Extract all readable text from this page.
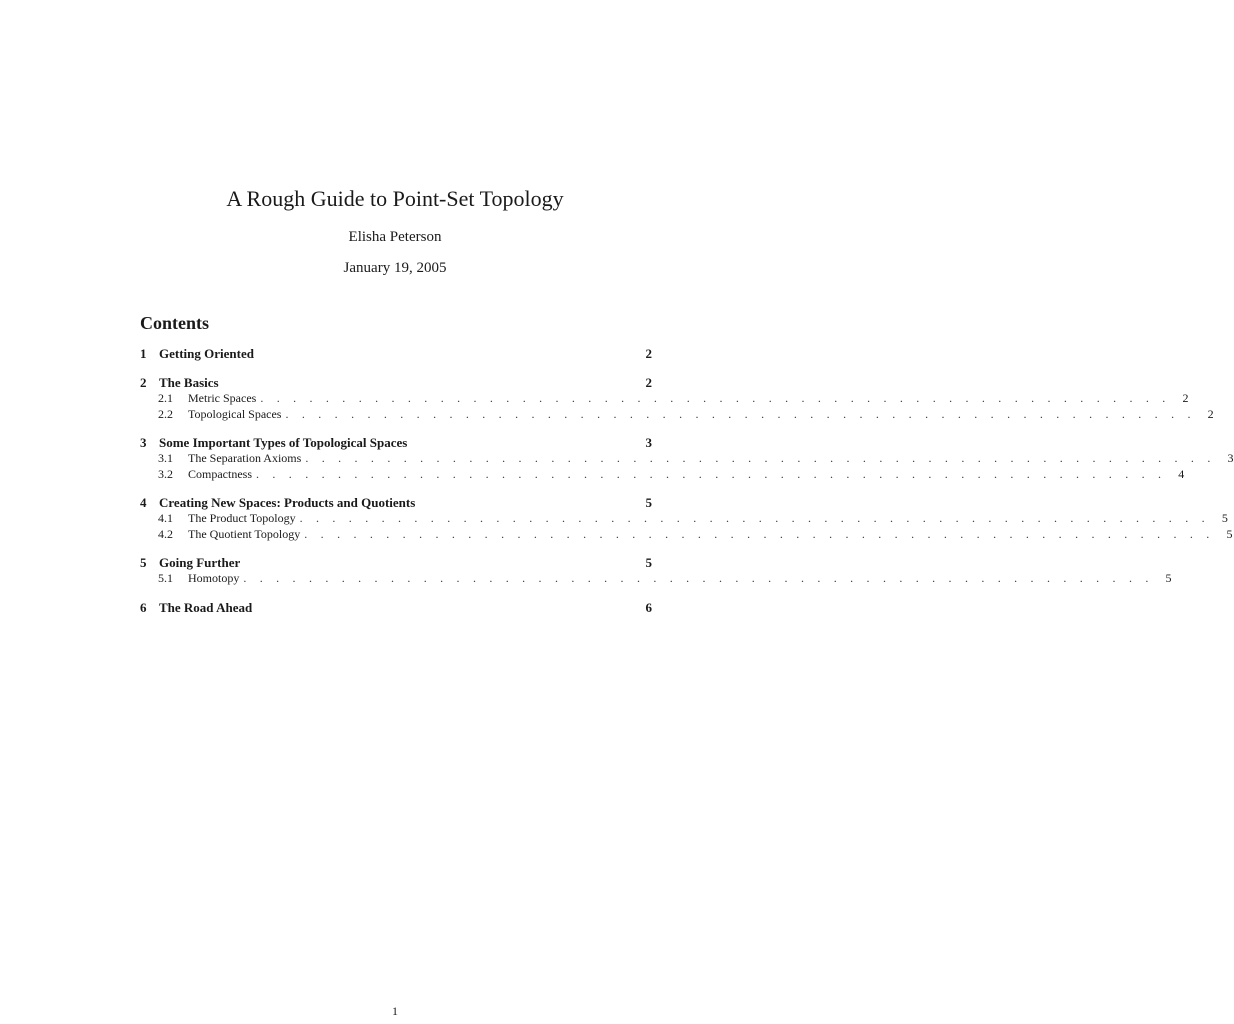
A Rough Guide to Point-Set Topology
Elisha Peterson
January 19, 2005
Contents
1 Getting Oriented	2
2 The Basics	2
2.1	Metric Spaces . . . . . . . . . . . . . . . . . . . . . . . . . . . . . . . . . . . . . . . . . . . . . . . . . . . . . . . .	2
2.2	Topological Spaces . . . . . . . . . . . . . . . . . . . . . . . . . . . . . . . . . . . . . . . . . . . . . . . . . . . . . . . .	2
3 Some Important Types of Topological Spaces	3
3.1	The Separation Axioms . . . . . . . . . . . . . . . . . . . . . . . . . . . . . . . . . . . . . . . . . . . . . . . . . . . . . . . .	3
3.2	Compactness . . . . . . . . . . . . . . . . . . . . . . . . . . . . . . . . . . . . . . . . . . . . . . . . . . . . . . . .	4
4 Creating New Spaces: Products and Quotients	5
4.1	The Product Topology . . . . . . . . . . . . . . . . . . . . . . . . . . . . . . . . . . . . . . . . . . . . . . . . . . . . . . . .	5
4.2	The Quotient Topology . . . . . . . . . . . . . . . . . . . . . . . . . . . . . . . . . . . . . . . . . . . . . . . . . . . . . . . .	5
5 Going Further	5
5.1	Homotopy . . . . . . . . . . . . . . . . . . . . . . . . . . . . . . . . . . . . . . . . . . . . . . . . . . . . . . . .	5
6 The Road Ahead	6
1
